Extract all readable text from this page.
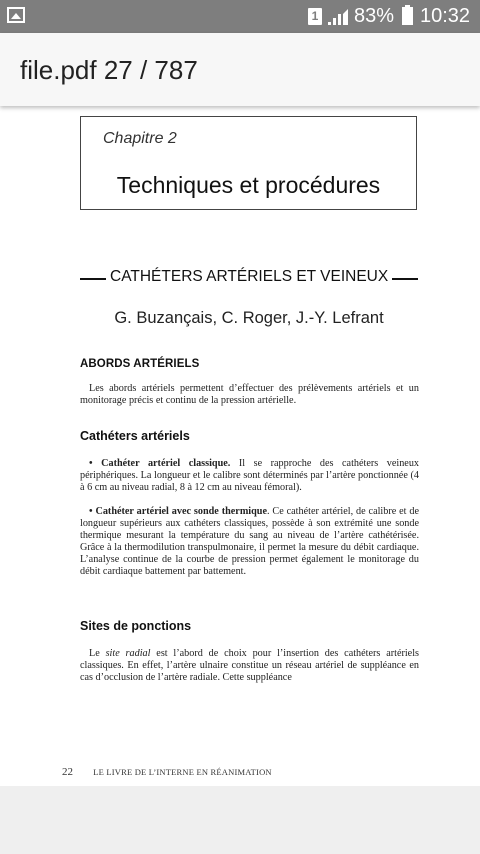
1 83% 10:32
file.pdf 27 / 787
Chapitre 2
Techniques et procédures
CATHÉTERS ARTÉRIELS ET VEINEUX
G. Buzançais, C. Roger, J.-Y. Lefrant
ABORDS ARTÉRIELS

Les abords artériels permettent d’effectuer des prélèvements artériels et un monitorage précis et continu de la pression artérielle.

Cathéters artériels

• Cathéter artériel classique. Il se rapproche des cathéters veineux périphériques. La longueur et le calibre sont déterminés par l’artère ponctionnée (4 à 6 cm au niveau radial, 8 à 12 cm au niveau fémoral).

• Cathéter artériel avec sonde thermique. Ce cathéter artériel, de calibre et de longueur supérieurs aux cathéters classiques, possède à son extrémité une sonde thermique mesurant la température du sang au niveau de l’artère cathétérisée. Grâce à la thermodilution transpulmonaire, il permet la mesure du débit cardiaque. L’analyse continue de la courbe de pression permet également le monitorage du débit cardiaque battement par battement.

Sites de ponctions

Le site radial est l’abord de choix pour l’insertion des cathéters artériels classiques. En effet, l’artère ulnaire constitue un réseau artériel de suppléance en cas d’occlusion de l’artère radiale. Cette suppléance

22 LE LIVRE DE L’INTERNE EN RÉANIMATION
